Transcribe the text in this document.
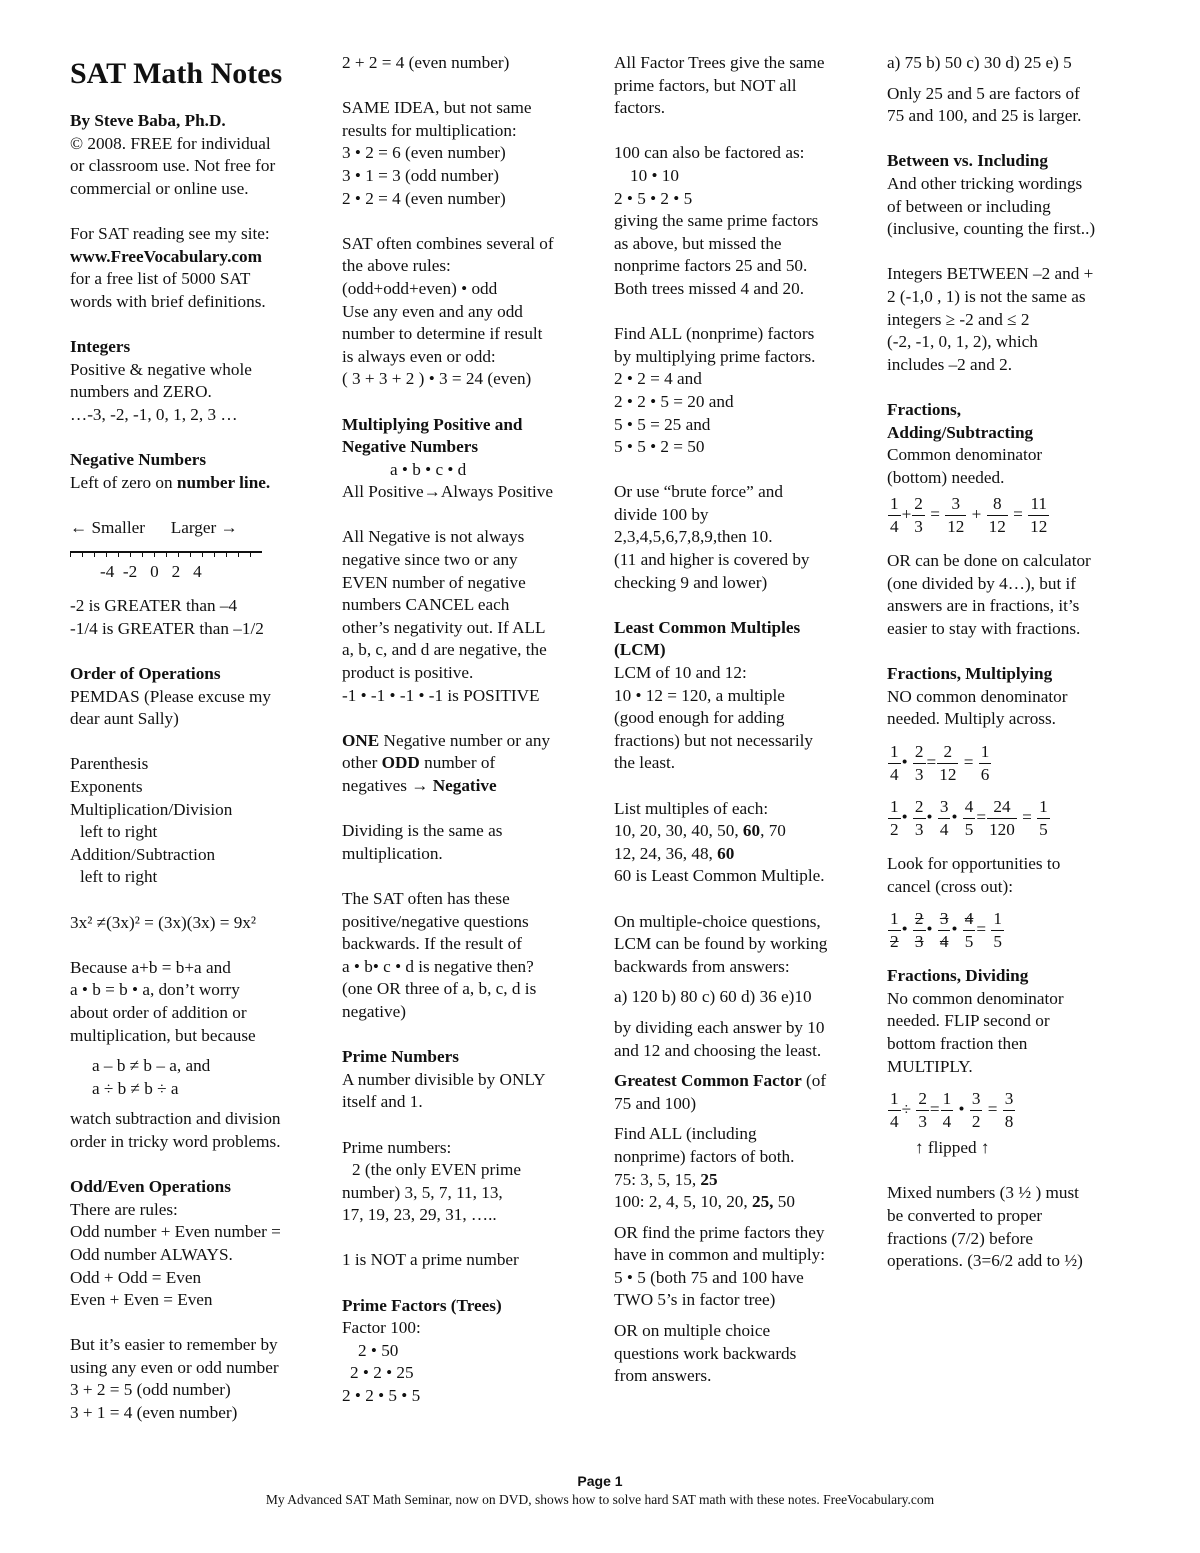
SAT Math Notes
By Steve Baba, Ph.D.
© 2008. FREE for individual
or classroom use. Not free for
commercial or online use.
For SAT reading see my site:
www.FreeVocabulary.com
for a free list of 5000 SAT
words with brief definitions.
Integers
Positive & negative whole
numbers and ZERO.
…-3, -2, -1, 0, 1, 2, 3 …
Negative Numbers
Left of zero on number line.
← Smaller      Larger →
-4  -2   0   2   4
-2 is GREATER than –4
-1/4 is GREATER than –1/2
Order of Operations
PEMDAS (Please excuse my
dear aunt Sally)
Parenthesis
Exponents
Multiplication/Division
left to right
Addition/Subtraction
left to right
3x² ≠(3x)² = (3x)(3x) = 9x²
Because a+b = b+a and
a • b = b • a, don’t worry
about order of addition or
multiplication, but because
a – b ≠ b – a, and
a ÷ b ≠ b ÷ a
watch subtraction and division
order in tricky word problems.
Odd/Even Operations
There are rules:
Odd number + Even number =
Odd number ALWAYS.
Odd + Odd = Even
Even + Even = Even
But it’s easier to remember by
using any even or odd number
3 + 2 = 5 (odd number)
3 + 1 = 4 (even number)
2 + 2 = 4 (even number)
SAME IDEA, but not same
results for multiplication:
3 • 2 = 6 (even number)
3 • 1 = 3 (odd number)
2 • 2 = 4 (even number)
SAT often combines several of
the above rules:
(odd+odd+even) • odd
Use any even and any odd
number to determine if result
is always even or odd:
( 3 + 3 + 2 ) • 3 = 24 (even)
Multiplying Positive and
Negative Numbers
a • b • c • d
All Positive→Always Positive
All Negative is not always
negative since two or any
EVEN number of negative
numbers CANCEL each
other’s negativity out. If ALL
a, b, c, and d are negative, the
product is positive.
-1 • -1 • -1 • -1 is POSITIVE
ONE Negative number or any
other ODD number of
negatives → Negative
Dividing is the same as
multiplication.
The SAT often has these
positive/negative questions
backwards. If the result of
a • b• c • d is negative then?
(one OR three of a, b, c, d is
negative)
Prime Numbers
A number divisible by ONLY
itself and 1.
Prime numbers:
2 (the only EVEN prime
number) 3, 5, 7, 11, 13,
17, 19, 23, 29, 31, …..
1 is NOT a prime number
Prime Factors (Trees)
Factor 100:
2 • 50
2 • 2 • 25
2 • 2 • 5 • 5
All Factor Trees give the same
prime factors, but NOT all
factors.
100 can also be factored as:
10 • 10
2 • 5 • 2 • 5
giving the same prime factors
as above, but missed the
nonprime factors 25 and 50.
Both trees missed 4 and 20.
Find ALL (nonprime) factors
by multiplying prime factors.
2 • 2 = 4 and
2 • 2 • 5 = 20 and
5 • 5 = 25 and
5 • 5 • 2 = 50
Or use “brute force” and
divide 100 by
2,3,4,5,6,7,8,9,then 10.
(11 and higher is covered by
checking 9 and lower)
Least Common Multiples
(LCM)
LCM of 10 and 12:
10 • 12 = 120, a multiple
(good enough for adding
fractions) but not necessarily
the least.
List multiples of each:
10, 20, 30, 40, 50, 60, 70
12, 24, 36, 48, 60
60 is Least Common Multiple.
On multiple-choice questions,
LCM can be found by working
backwards from answers:
a) 120 b) 80 c) 60 d) 36 e)10
by dividing each answer by 10
and 12 and choosing the least.
Greatest Common Factor (of
75 and 100)
Find ALL (including
nonprime) factors of both.
75: 3, 5, 15, 25
100: 2, 4, 5, 10, 20, 25, 50
OR find the prime factors they
have in common and multiply:
5 • 5 (both 75 and 100 have
TWO 5’s in factor tree)
OR on multiple choice
questions work backwards
from answers.
a) 75 b) 50 c) 30 d) 25 e) 5
Only 25 and 5 are factors of
75 and 100, and 25 is larger.
Between vs. Including
And other tricking wordings
of between or including
(inclusive, counting the first..)
Integers BETWEEN –2 and +
2 (-1,0 , 1) is not the same as
integers ≥ -2 and ≤ 2
(-2, -1, 0, 1, 2), which
includes –2 and 2.
Fractions,
Adding/Subtracting
Common denominator
(bottom) needed.
$\frac{1}{4} + \frac{2}{3} = \frac{3}{12} + \frac{8}{12} = \frac{11}{12}$
OR can be done on calculator
(one divided by 4…), but if
answers are in fractions, it’s
easier to stay with fractions.
Fractions, Multiplying
NO common denominator
needed. Multiply across.
$\frac{1}{4}$ • $\frac{2}{3} = \frac{2}{12} = \frac{1}{6}$
$\frac{1}{2}$ • $\frac{2}{3}$ • $\frac{3}{4}$ • $\frac{4}{5} = \frac{24}{120} = \frac{1}{5}$
Look for opportunities to
cancel (cross out):
$\frac{1}{2}$ • $\frac{2}{3}$ • $\frac{3}{4}$ • $\frac{4}{5} = \frac{1}{5}$
Fractions, Dividing
No common denominator
needed. FLIP second or
bottom fraction then
MULTIPLY.
$\frac{1}{4} \div \frac{2}{3} = \frac{1}{4}$ • $\frac{3}{2} = \frac{3}{8}$
↑ flipped ↑
Mixed numbers (3 ½ ) must
be converted to proper
fractions (7/2) before
operations. (3=6/2 add to ½)
Page 1
My Advanced SAT Math Seminar, now on DVD, shows how to solve hard SAT math with these notes. FreeVocabulary.com
